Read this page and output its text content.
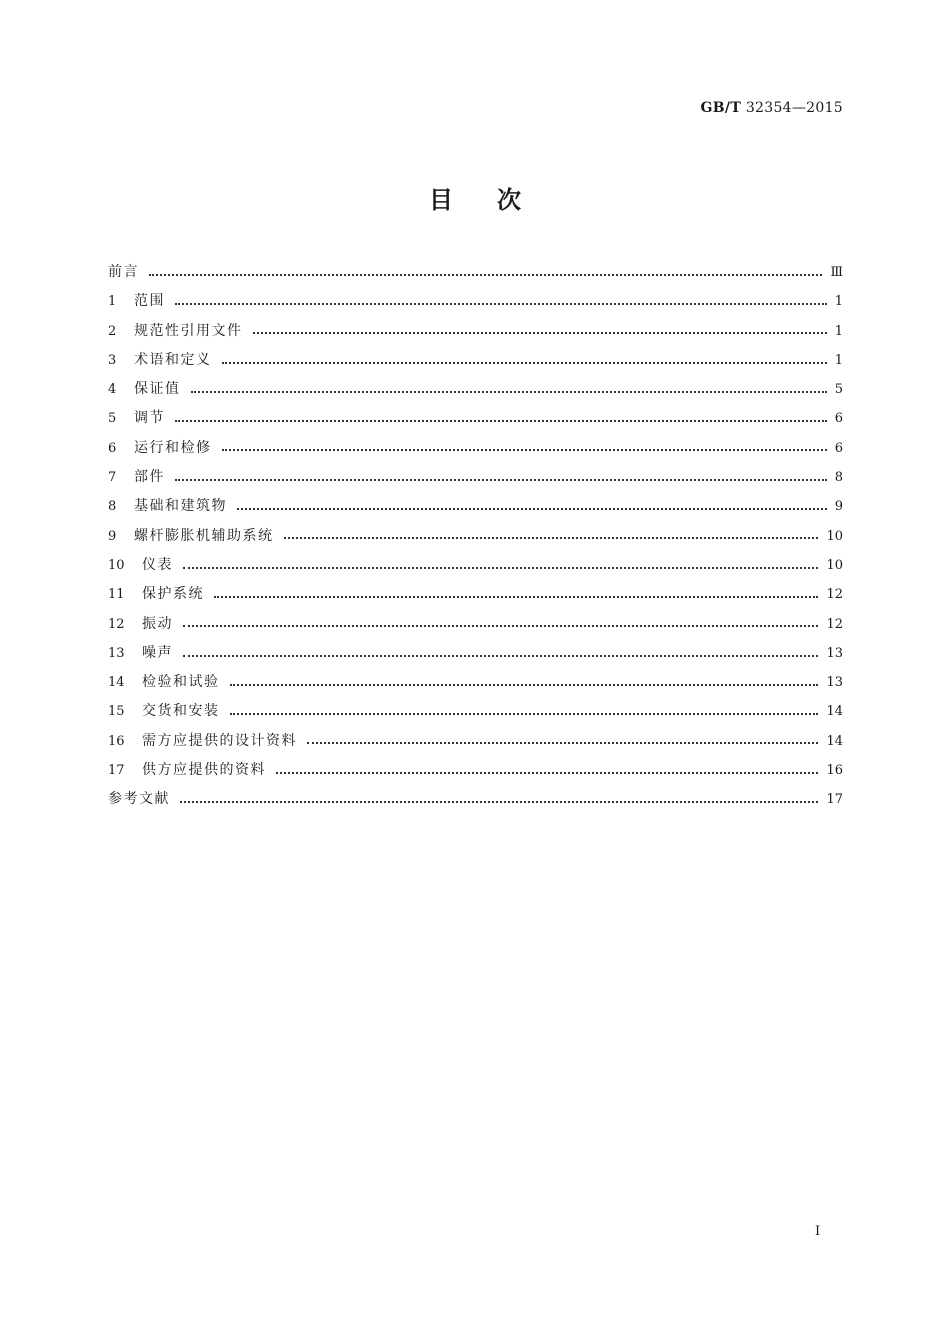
GB/T 32354—2015
目次
前言	Ⅲ
1	范围	1
2	规范性引用文件	1
3	术语和定义	1
4	保证值	5
5	调节	6
6	运行和检修	6
7	部件	8
8	基础和建筑物	9
9	螺杆膨胀机辅助系统	10
10	仪表	10
11	保护系统	12
12	振动	12
13	噪声	13
14	检验和试验	13
15	交货和安装	14
16	需方应提供的设计资料	14
17	供方应提供的资料	16
参考文献	17
I
